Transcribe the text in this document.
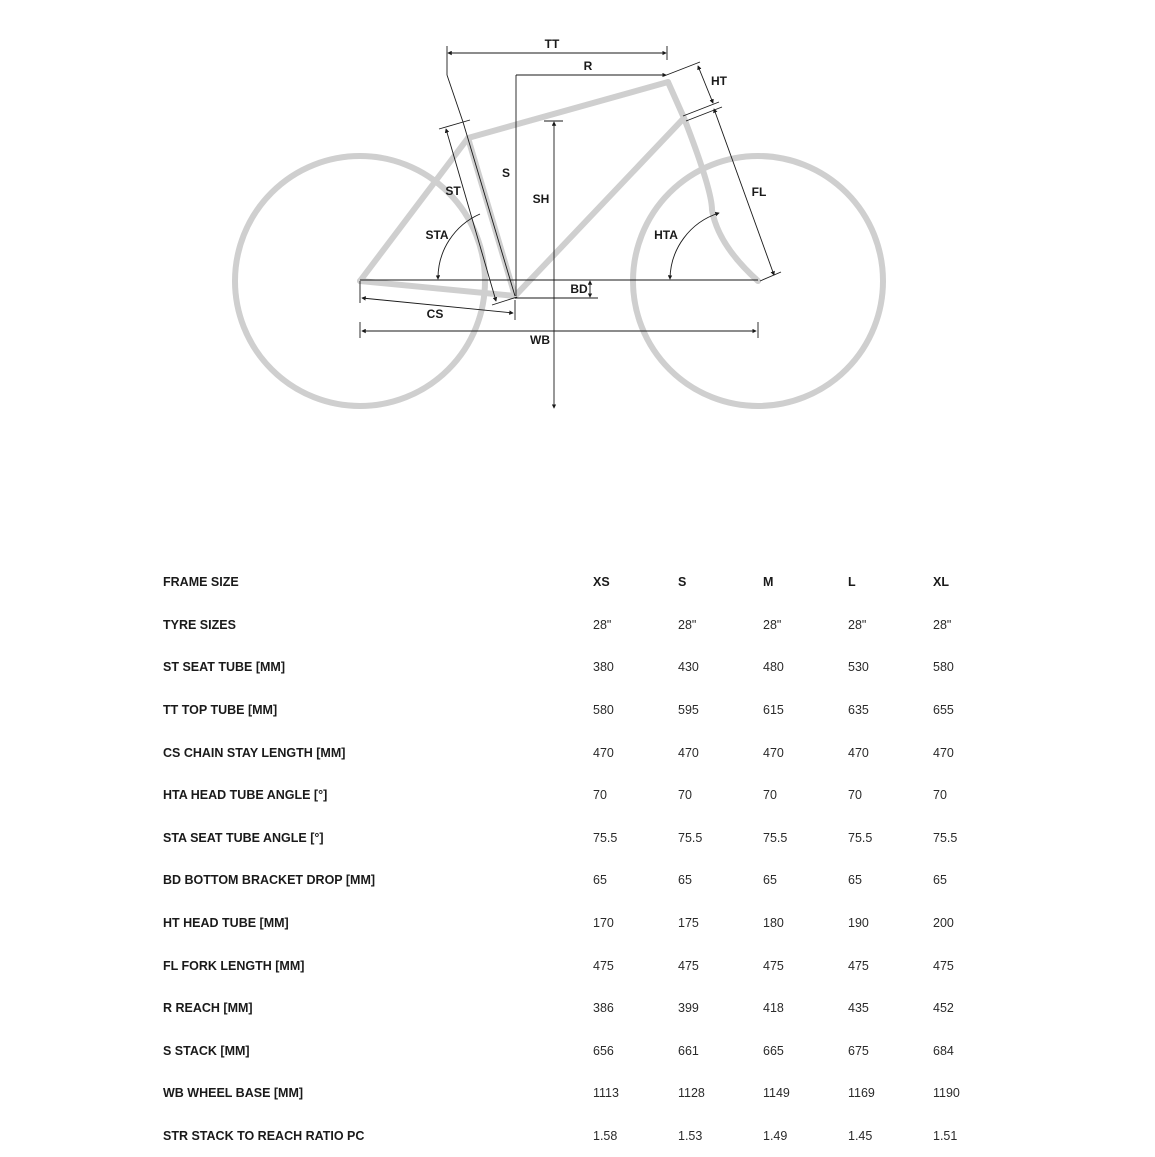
TT
R
HT
S
SH
ST
STA
FL
HTA
BD
CS
WB
FRAME SIZE	XS	S	M	L	XL
TYRE SIZES	28"	28"	28"	28"	28"
ST SEAT TUBE [MM]	380	430	480	530	580
TT TOP TUBE [MM]	580	595	615	635	655
CS CHAIN STAY LENGTH [MM]	470	470	470	470	470
HTA HEAD TUBE ANGLE [°]	70	70	70	70	70
STA SEAT TUBE ANGLE [°]	75.5	75.5	75.5	75.5	75.5
BD BOTTOM BRACKET DROP [MM]	65	65	65	65	65
HT HEAD TUBE [MM]	170	175	180	190	200
FL FORK LENGTH [MM]	475	475	475	475	475
R REACH [MM]	386	399	418	435	452
S STACK [MM]	656	661	665	675	684
WB WHEEL BASE [MM]	1113	1128	1149	1169	1190
STR STACK TO REACH RATIO PC	1.58	1.53	1.49	1.45	1.51
